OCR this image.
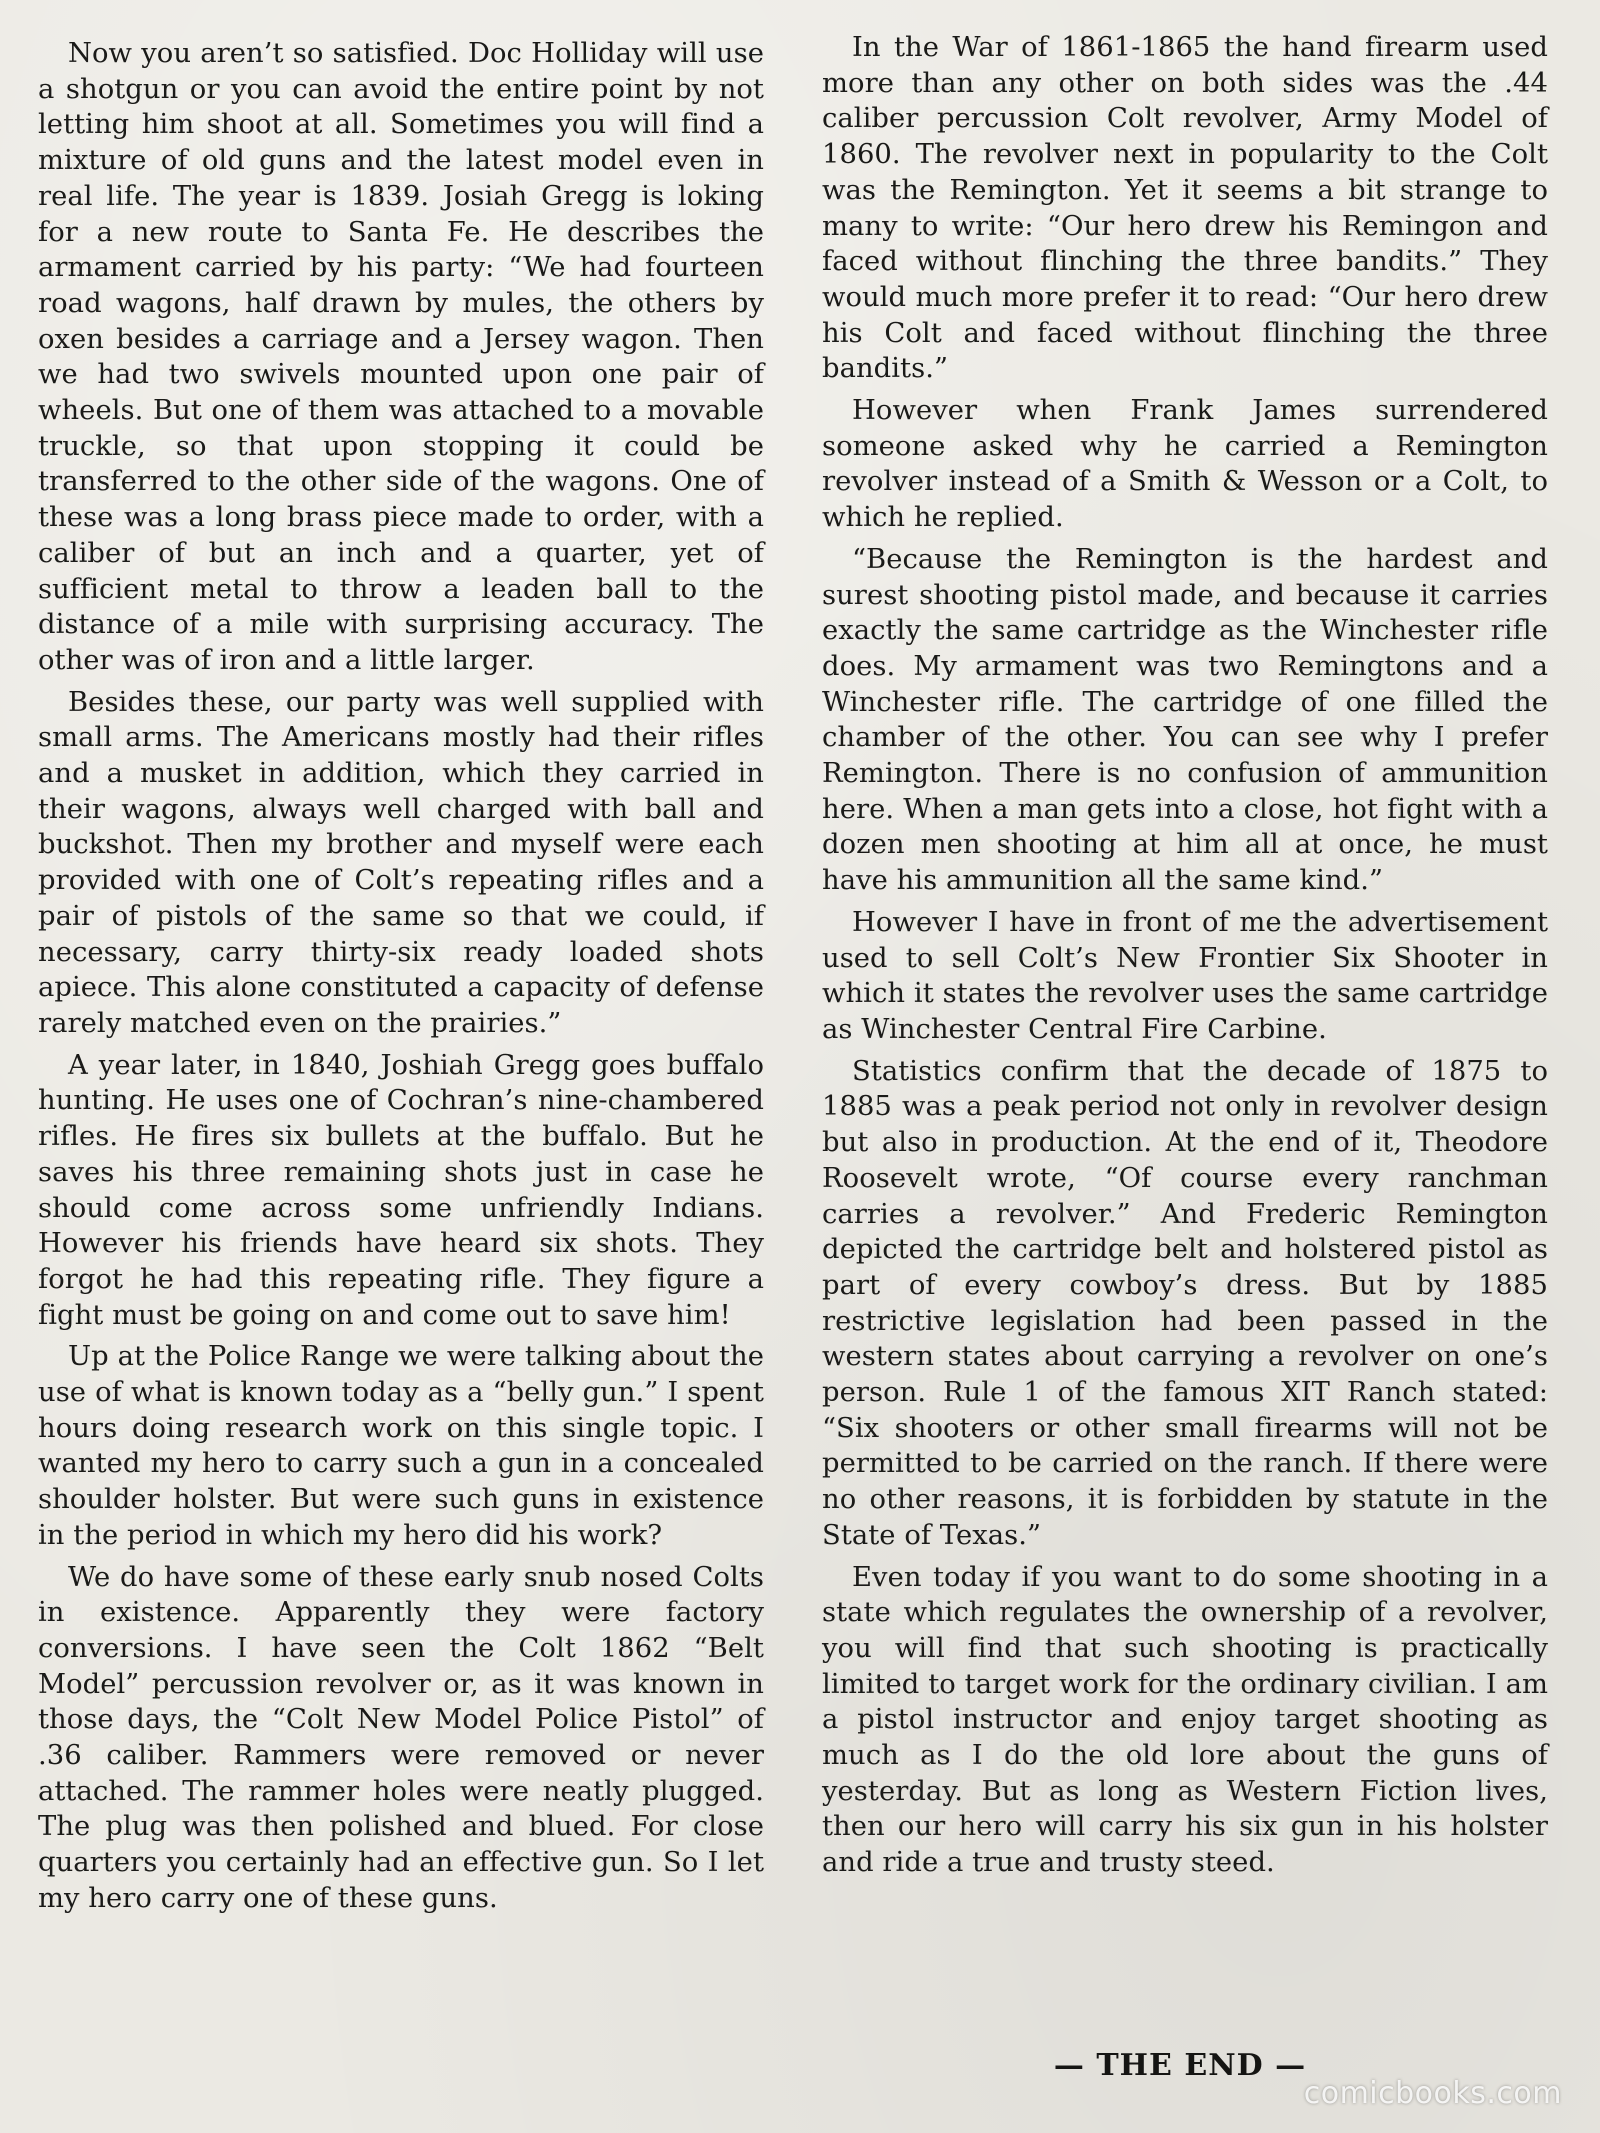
Now you aren’t so satisfied. Doc Holliday will use a shotgun or you can avoid the entire point by not letting him shoot at all. Sometimes you will find a mixture of old guns and the latest model even in real life. The year is 1839. Josiah Gregg is loking for a new route to Santa Fe. He describes the armament carried by his party: “We had fourteen road wagons, half drawn by mules, the others by oxen besides a carriage and a Jersey wagon. Then we had two swivels mounted upon one pair of wheels. But one of them was attached to a movable truckle, so that upon stopping it could be transferred to the other side of the wagons. One of these was a long brass piece made to order, with a caliber of but an inch and a quarter, yet of sufficient metal to throw a leaden ball to the distance of a mile with surprising accuracy. The other was of iron and a little larger.

Besides these, our party was well supplied with small arms. The Americans mostly had their rifles and a musket in addition, which they carried in their wagons, always well charged with ball and buckshot. Then my brother and myself were each provided with one of Colt’s repeating rifles and a pair of pistols of the same so that we could, if necessary, carry thirty-six ready loaded shots apiece. This alone constituted a capacity of defense rarely matched even on the prairies.”

A year later, in 1840, Joshiah Gregg goes buffalo hunting. He uses one of Cochran’s nine-chambered rifles. He fires six bullets at the buffalo. But he saves his three remaining shots just in case he should come across some unfriendly Indians. However his friends have heard six shots. They forgot he had this repeating rifle. They figure a fight must be going on and come out to save him!

Up at the Police Range we were talking about the use of what is known today as a “belly gun.” I spent hours doing research work on this single topic. I wanted my hero to carry such a gun in a concealed shoulder holster. But were such guns in existence in the period in which my hero did his work?

We do have some of these early snub nosed Colts in existence. Apparently they were factory conversions. I have seen the Colt 1862 “Belt Model” percussion revolver or, as it was known in those days, the “Colt New Model Police Pistol” of .36 caliber. Rammers were removed or never attached. The rammer holes were neatly plugged. The plug was then polished and blued. For close quarters you certainly had an effective gun. So I let my hero carry one of these guns.

In the War of 1861-1865 the hand firearm used more than any other on both sides was the .44 caliber percussion Colt revolver, Army Model of 1860. The revolver next in popularity to the Colt was the Remington. Yet it seems a bit strange to many to write: “Our hero drew his Remingon and faced without flinching the three bandits.” They would much more prefer it to read: “Our hero drew his Colt and faced without flinching the three bandits.”

However when Frank James surrendered someone asked why he carried a Remington revolver instead of a Smith & Wesson or a Colt, to which he replied.

“Because the Remington is the hardest and surest shooting pistol made, and because it carries exactly the same cartridge as the Winchester rifle does. My armament was two Remingtons and a Winchester rifle. The cartridge of one filled the chamber of the other. You can see why I prefer Remington. There is no confusion of ammunition here. When a man gets into a close, hot fight with a dozen men shooting at him all at once, he must have his ammunition all the same kind.”

However I have in front of me the advertisement used to sell Colt’s New Frontier Six Shooter in which it states the revolver uses the same cartridge as Winchester Central Fire Carbine.

Statistics confirm that the decade of 1875 to 1885 was a peak period not only in revolver design but also in production. At the end of it, Theodore Roosevelt wrote, “Of course every ranchman carries a revolver.” And Frederic Remington depicted the cartridge belt and holstered pistol as part of every cowboy’s dress. But by 1885 restrictive legislation had been passed in the western states about carrying a revolver on one’s person. Rule 1 of the famous XIT Ranch stated: “Six shooters or other small firearms will not be permitted to be carried on the ranch. If there were no other reasons, it is forbidden by statute in the State of Texas.”

Even today if you want to do some shooting in a state which regulates the ownership of a revolver, you will find that such shooting is practically limited to target work for the ordinary civilian. I am a pistol instructor and enjoy target shooting as much as I do the old lore about the guns of yesterday. But as long as Western Fiction lives, then our hero will carry his six gun in his holster and ride a true and trusty steed.

— THE END —
comicbooks.com
